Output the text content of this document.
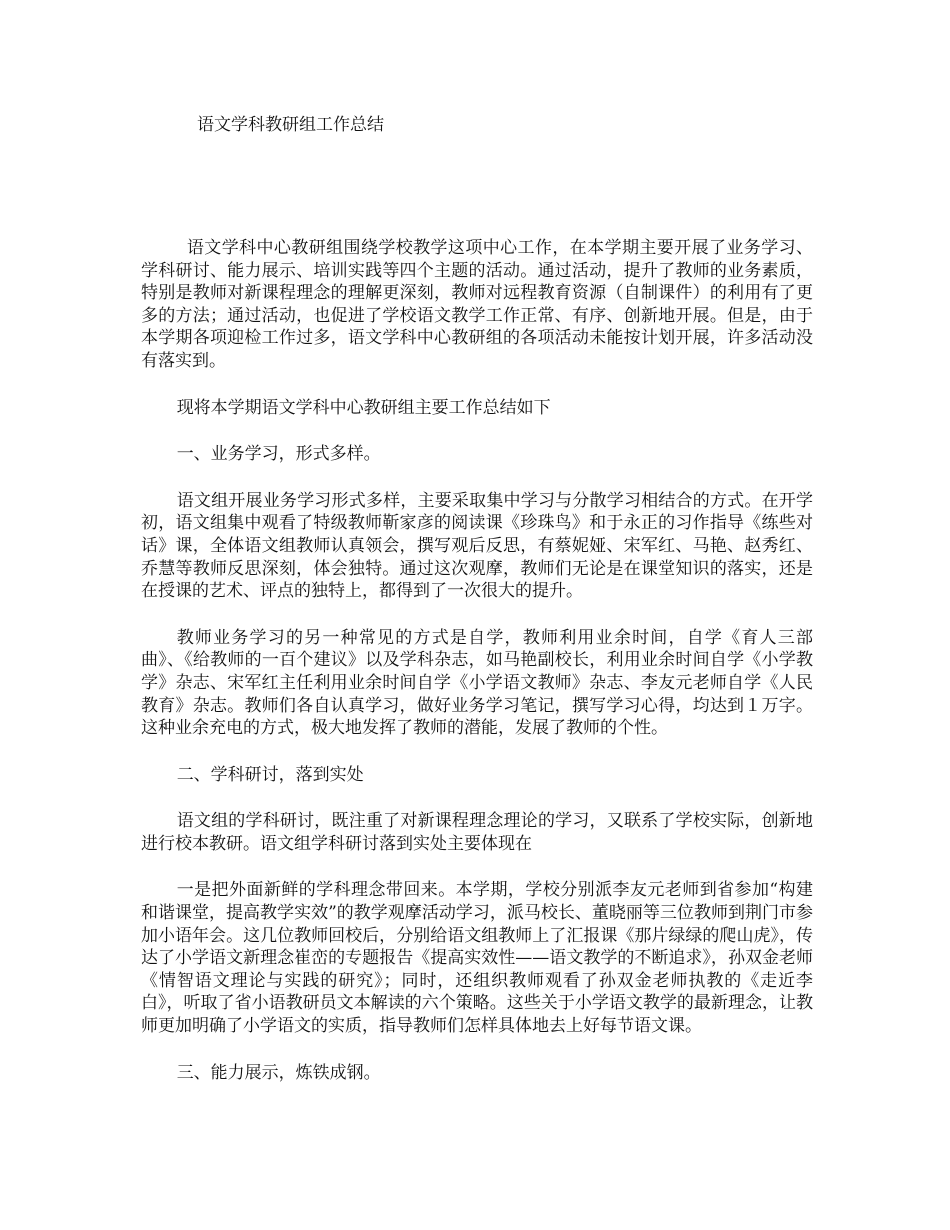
语文学科教研组工作总结

语文学科中心教研组围绕学校教学这项中心工作，在本学期主要开展了业务学习、学科研讨、能力展示、培训实践等四个主题的活动。通过活动，提升了教师的业务素质，特别是教师对新课程理念的理解更深刻，教师对远程教育资源（自制课件）的利用有了更多的方法；通过活动，也促进了学校语文教学工作正常、有序、创新地开展。但是，由于本学期各项迎检工作过多，语文学科中心教研组的各项活动未能按计划开展，许多活动没有落实到。

现将本学期语文学科中心教研组主要工作总结如下

一、业务学习，形式多样。

语文组开展业务学习形式多样，主要采取集中学习与分散学习相结合的方式。在开学初，语文组集中观看了特级教师靳家彦的阅读课《珍珠鸟》和于永正的习作指导《练些对话》课，全体语文组教师认真领会，撰写观后反思，有蔡妮娅、宋军红、马艳、赵秀红、乔慧等教师反思深刻，体会独特。通过这次观摩，教师们无论是在课堂知识的落实，还是在授课的艺术、评点的独特上，都得到了一次很大的提升。

教师业务学习的另一种常见的方式是自学，教师利用业余时间，自学《育人三部曲》、《给教师的一百个建议》以及学科杂志，如马艳副校长，利用业余时间自学《小学教学》杂志、宋军红主任利用业余时间自学《小学语文教师》杂志、李友元老师自学《人民教育》杂志。教师们各自认真学习，做好业务学习笔记，撰写学习心得，均达到１万字。这种业余充电的方式，极大地发挥了教师的潜能，发展了教师的个性。

二、学科研讨，落到实处

语文组的学科研讨，既注重了对新课程理念理论的学习，又联系了学校实际，创新地进行校本教研。语文组学科研讨落到实处主要体现在

一是把外面新鲜的学科理念带回来。本学期，学校分别派李友元老师到省参加“构建和谐课堂，提高教学实效”的教学观摩活动学习，派马校长、董晓丽等三位教师到荆门市参加小语年会。这几位教师回校后，分别给语文组教师上了汇报课《那片绿绿的爬山虎》，传达了小学语文新理念崔峦的专题报告《提高实效性——语文教学的不断追求》，孙双金老师《情智语文理论与实践的研究》；同时，还组织教师观看了孙双金老师执教的《走近李白》，听取了省小语教研员文本解读的六个策略。这些关于小学语文教学的最新理念，让教师更加明确了小学语文的实质，指导教师们怎样具体地去上好每节语文课。

三、能力展示，炼铁成钢。
